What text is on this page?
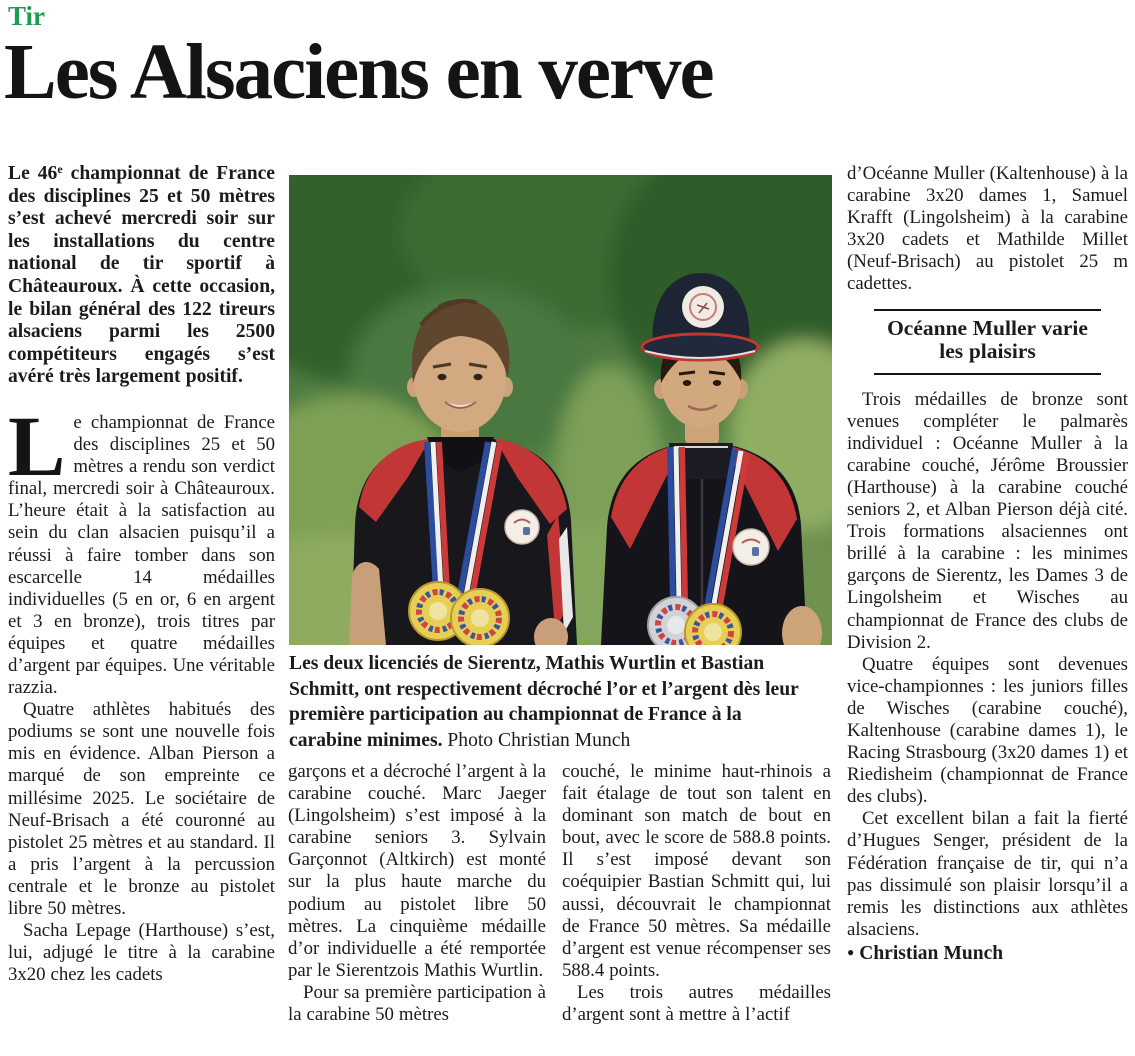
Tir
Les Alsaciens en verve

Le 46e championnat de France des disciplines 25 et 50 mètres s’est achevé mercredi soir sur les installations du centre national de tir sportif à Châteauroux. À cette occasion, le bilan général des 122 tireurs alsaciens parmi les 2500 compétiteurs engagés s’est avéré très largement positif.

Le championnat de France des disciplines 25 et 50 mètres a rendu son verdict final, mercredi soir à Châteauroux. L’heure était à la satisfaction au sein du clan alsacien puisqu’il a réussi à faire tomber dans son escarcelle 14 médailles individuelles (5 en or, 6 en argent et 3 en bronze), trois titres par équipes et quatre médailles d’argent par équipes. Une véritable razzia.

Quatre athlètes habitués des podiums se sont une nouvelle fois mis en évidence. Alban Pierson a marqué de son empreinte ce millésime 2025. Le sociétaire de Neuf-Brisach a été couronné au pistolet 25 mètres et au standard. Il a pris l’argent à la percussion centrale et le bronze au pistolet libre 50 mètres.

Sacha Lepage (Harthouse) s’est, lui, adjugé le titre à la carabine 3x20 chez les cadets

Les deux licenciés de Sierentz, Mathis Wurtlin et Bastian Schmitt, ont respectivement décroché l’or et l’argent dès leur première participation au championnat de France à la carabine minimes. Photo Christian Munch

garçons et a décroché l’argent à la carabine couché. Marc Jaeger (Lingolsheim) s’est imposé à la carabine seniors 3. Sylvain Garçonnot (Altkirch) est monté sur la plus haute marche du podium au pistolet libre 50 mètres. La cinquième médaille d’or individuelle a été remportée par le Sierentzois Mathis Wurtlin.

Pour sa première participation à la carabine 50 mètres

couché, le minime haut-rhinois a fait étalage de tout son talent en dominant son match de bout en bout, avec le score de 588.8 points. Il s’est imposé devant son coéquipier Bastian Schmitt qui, lui aussi, découvrait le championnat de France 50 mètres. Sa médaille d’argent est venue récompenser ses 588.4 points.

Les trois autres médailles d’argent sont à mettre à l’actif

d’Océanne Muller (Kaltenhouse) à la carabine 3x20 dames 1, Samuel Krafft (Lingolsheim) à la carabine 3x20 cadets et Mathilde Millet (Neuf-Brisach) au pistolet 25 m cadettes.

Océanne Muller varie les plaisirs

Trois médailles de bronze sont venues compléter le palmarès individuel : Océanne Muller à la carabine couché, Jérôme Broussier (Harthouse) à la carabine couché seniors 2, et Alban Pierson déjà cité. Trois formations alsaciennes ont brillé à la carabine : les minimes garçons de Sierentz, les Dames 3 de Lingolsheim et Wisches au championnat de France des clubs de Division 2.

Quatre équipes sont devenues vice-championnes : les juniors filles de Wisches (carabine couché), Kaltenhouse (carabine dames 1), le Racing Strasbourg (3x20 dames 1) et Riedisheim (championnat de France des clubs).

Cet excellent bilan a fait la fierté d’Hugues Senger, président de la Fédération française de tir, qui n’a pas dissimulé son plaisir lorsqu’il a remis les distinctions aux athlètes alsaciens.

● Christian Munch
